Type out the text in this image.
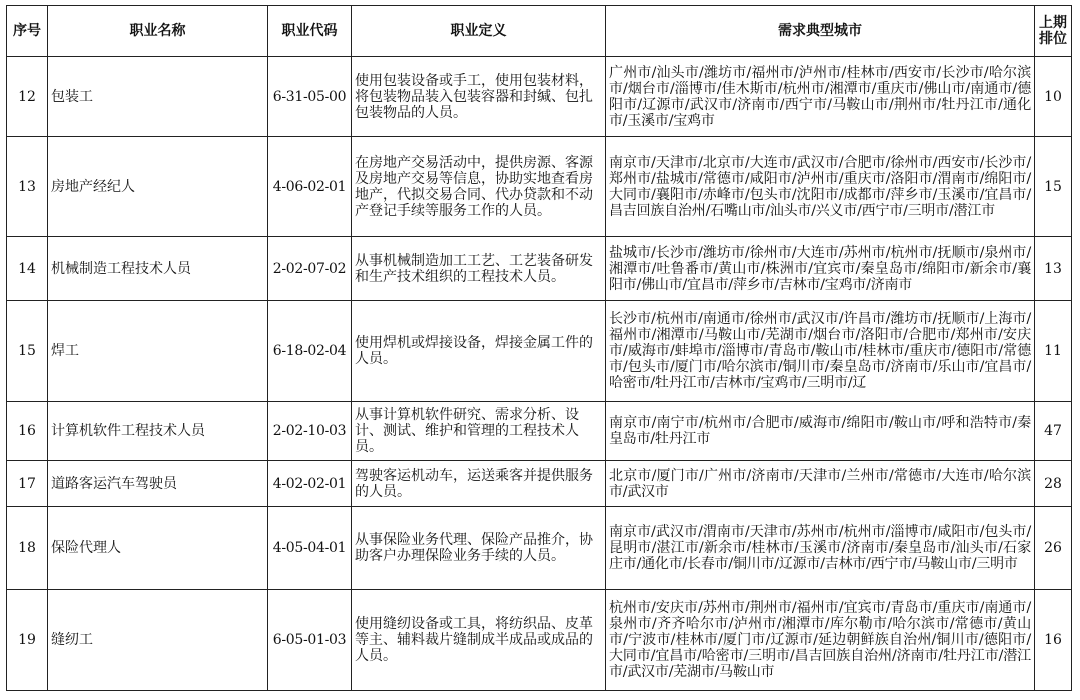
序号	职业名称	职业代码	职业定义	需求典型城市	上期排位
12	包装工	6-31-05-00	使用包装设备或手工，使用包装材料，将包装物品装入包装容器和封缄、包扎包装物品的人员。	广州市/汕头市/潍坊市/福州市/泸州市/桂林市/西安市/长沙市/哈尔滨市/烟台市/淄博市/佳木斯市/杭州市/湘潭市/重庆市/佛山市/南通市/德阳市/辽源市/武汉市/济南市/西宁市/马鞍山市/荆州市/牡丹江市/通化市/玉溪市/宝鸡市	10
13	房地产经纪人	4-06-02-01	在房地产交易活动中，提供房源、客源及房地产交易等信息，协助实地查看房地产，代拟交易合同、代办贷款和不动产登记手续等服务工作的人员。	南京市/天津市/北京市/大连市/武汉市/合肥市/徐州市/西安市/长沙市/郑州市/盐城市/常德市/咸阳市/泸州市/重庆市/洛阳市/渭南市/绵阳市/大同市/襄阳市/赤峰市/包头市/沈阳市/成都市/萍乡市/玉溪市/宜昌市/昌吉回族自治州/石嘴山市/汕头市/兴义市/西宁市/三明市/潜江市	15
14	机械制造工程技术人员	2-02-07-02	从事机械制造加工工艺、工艺装备研发和生产技术组织的工程技术人员。	盐城市/长沙市/潍坊市/徐州市/大连市/苏州市/杭州市/抚顺市/泉州市/湘潭市/吐鲁番市/黄山市/株洲市/宜宾市/秦皇岛市/绵阳市/新余市/襄阳市/佛山市/宜昌市/萍乡市/吉林市/宝鸡市/济南市	13
15	焊工	6-18-02-04	使用焊机或焊接设备，焊接金属工件的人员。	长沙市/杭州市/南通市/徐州市/武汉市/许昌市/潍坊市/抚顺市/上海市/福州市/湘潭市/马鞍山市/芜湖市/烟台市/洛阳市/合肥市/郑州市/安庆市/威海市/蚌埠市/淄博市/青岛市/鞍山市/桂林市/重庆市/德阳市/常德市/包头市/厦门市/哈尔滨市/铜川市/秦皇岛市/济南市/乐山市/宜昌市/哈密市/牡丹江市/吉林市/宝鸡市/三明市/辽	11
16	计算机软件工程技术人员	2-02-10-03	从事计算机软件研究、需求分析、设计、测试、维护和管理的工程技术人员。	南京市/南宁市/杭州市/合肥市/威海市/绵阳市/鞍山市/呼和浩特市/秦皇岛市/牡丹江市	47
17	道路客运汽车驾驶员	4-02-02-01	驾驶客运机动车，运送乘客并提供服务的人员。	北京市/厦门市/广州市/济南市/天津市/兰州市/常德市/大连市/哈尔滨市/武汉市	28
18	保险代理人	4-05-04-01	从事保险业务代理、保险产品推介，协助客户办理保险业务手续的人员。	南京市/武汉市/渭南市/天津市/苏州市/杭州市/淄博市/咸阳市/包头市/昆明市/湛江市/新余市/桂林市/玉溪市/济南市/秦皇岛市/汕头市/石家庄市/通化市/长春市/铜川市/辽源市/吉林市/西宁市/马鞍山市/三明市	26
19	缝纫工	6-05-01-03	使用缝纫设备或工具，将纺织品、皮革等主、辅料裁片缝制成半成品或成品的人员。	杭州市/安庆市/苏州市/荆州市/福州市/宜宾市/青岛市/重庆市/南通市/泉州市/齐齐哈尔市/泸州市/湘潭市/库尔勒市/哈尔滨市/常德市/黄山市/宁波市/桂林市/厦门市/辽源市/延边朝鲜族自治州/铜川市/德阳市/大同市/宜昌市/哈密市/三明市/昌吉回族自治州/济南市/牡丹江市/潜江市/武汉市/芜湖市/马鞍山市	16
